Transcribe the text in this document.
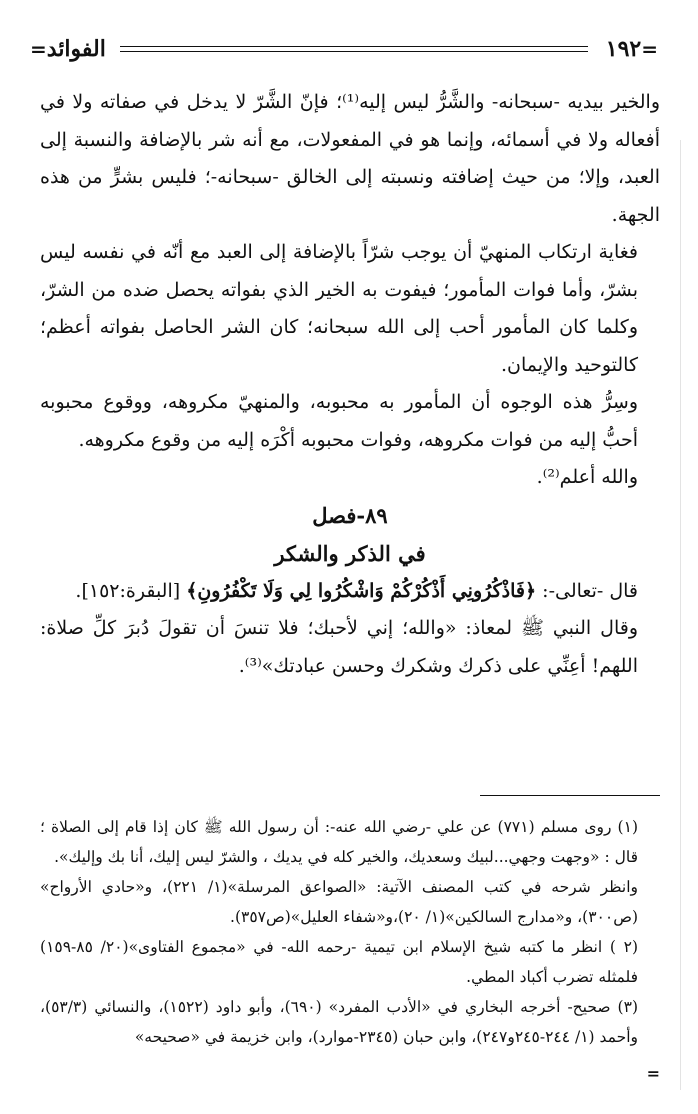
=
١٩٢
الفوائد
=

والخير بيديه -سبحانه- والشَّرُّ ليس إليه⁽¹⁾؛ فإنّ الشَّرّ لا يدخل في صفاته ولا في أفعاله ولا في أسمائه، وإنما هو في المفعولات، مع أنه شر بالإضافة والنسبة إلى العبد، وإلا؛ من حيث إضافته ونسبته إلى الخالق -سبحانه-؛ فليس بشرٍّ من هذه الجهة.

فغاية ارتكاب المنهيّ أن يوجب شرّاً بالإضافة إلى العبد مع أنّه في نفسه ليس بشرّ، وأما فوات المأمور؛ فيفوت به الخير الذي بفواته يحصل ضده من الشرّ، وكلما كان المأمور أحب إلى الله سبحانه؛ كان الشر الحاصل بفواته أعظم؛ كالتوحيد والإيمان.

وسِرُّ هذه الوجوه أن المأمور به محبوبه، والمنهيّ مكروهه، ووقوع محبوبه أحبُّ إليه من فوات مكروهه، وفوات محبوبه أكْرَه إليه من وقوع مكروهه.

والله أعلم⁽²⁾.

٨٩-فصل
في الذكر والشكر

قال -تعالى-: ﴿فَاذْكُرُونِي أَذْكُرْكُمْ وَاشْكُرُوا لِي وَلَا تَكْفُرُونِ﴾ [البقرة:١٥٢].

وقال النبي ﷺ لمعاذ: «والله؛ إني لأحبك؛ فلا تنسَ أن تقولَ دُبرَ كلِّ صلاة: اللهم! أعِنِّي على ذكرك وشكرك وحسن عبادتك»⁽³⁾.

(١) روى مسلم (٧٧١) عن علي -رضي الله عنه-: أن رسول الله ﷺ كان إذا قام إلى الصلاة ؛ قال : «وجهت وجهي...لبيك وسعديك، والخير كله في يديك ، والشرّ ليس إليك، أنا بك وإليك».

وانظر شرحه في كتب المصنف الآتية: «الصواعق المرسلة»(١/ ٢٢١)، و«حادي الأرواح» (ص٣٠٠)، و«مدارج السالكين»(١/ ٢٠)،و«شفاء العليل»(ص٣٥٧).

(٢ ) انظر ما كتبه شيخ الإسلام ابن تيمية -رحمه الله- في «مجموع الفتاوى»(٢٠/ ٨٥-١٥٩) فلمثله تضرب أكباد المطي.

(٣) صحيح- أخرجه البخاري في «الأدب المفرد» (٦٩٠)، وأبو داود (١٥٢٢)، والنسائي (٥٣/٣)، وأحمد (١/ ٢٤٤-٢٤٥و٢٤٧)، وابن حبان (٢٣٤٥-موارد)، وابن خزيمة في «صحيحه»

=
